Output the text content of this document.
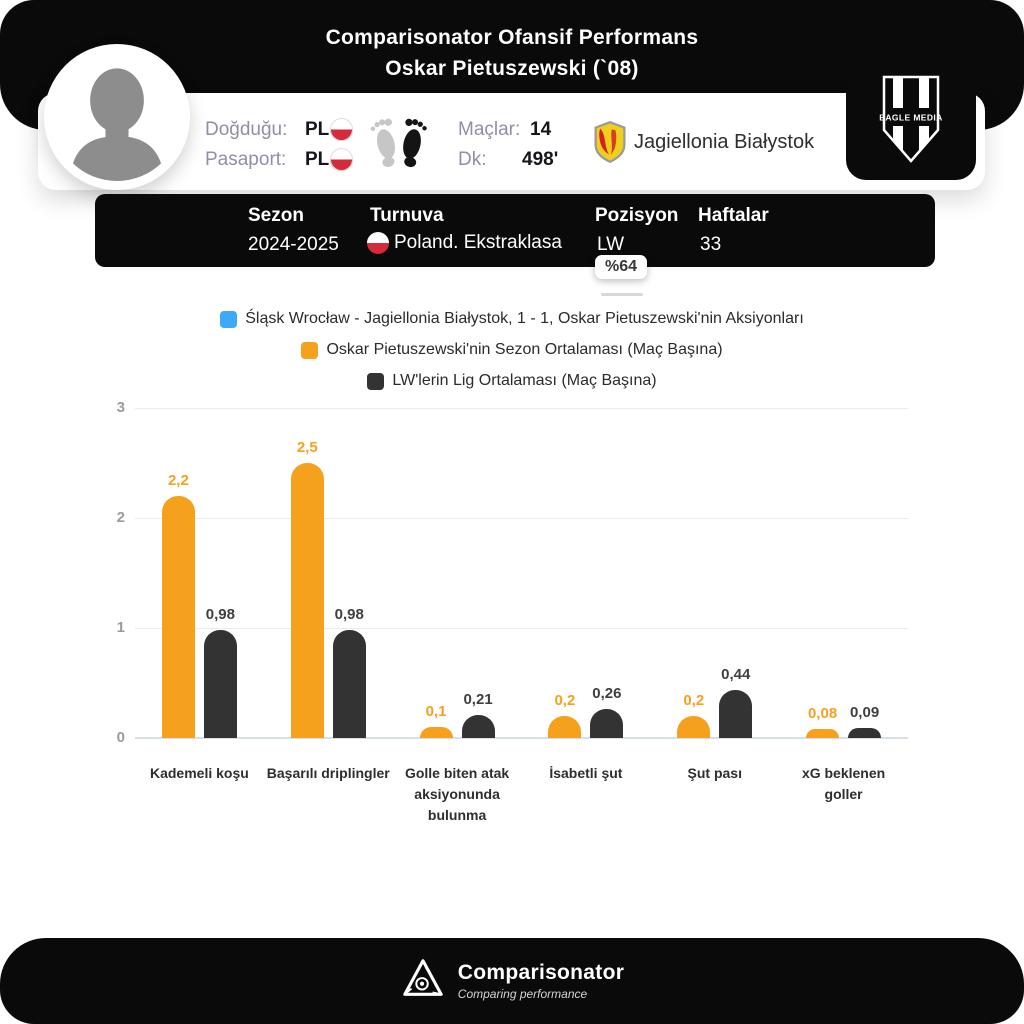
Comparisonator Ofansif Performans
Oskar Pietuszewski (`08)
Doğduğu: PL
Pasaport: PL
Maçlar: 14
Dk: 498'
Jagiellonia Białystok
EAGLE MEDIA
Sezon
2024-2025
Turnuva
Poland. Ekstraklasa
Pozisyon
LW
Haftalar
33
%64
Śląsk Wrocław - Jagiellonia Białystok, 1 - 1, Oskar Pietuszewski'nin Aksiyonları
Oskar Pietuszewski'nin Sezon Ortalaması (Maç Başına)
LW'lerin Lig Ortalaması (Maç Başına)
0
1
2
3
2,2
2,5
0,1
0,2	0,2
0,08
0,98	0,98
0,21	0,26
0,44
0,09
Kademeli koşu	Başarılı driplingler	Golle biten atak aksiyonunda bulunma
İsabetli şut	Şut pası	xG beklenen goller
Comparisonator
Comparing performance
